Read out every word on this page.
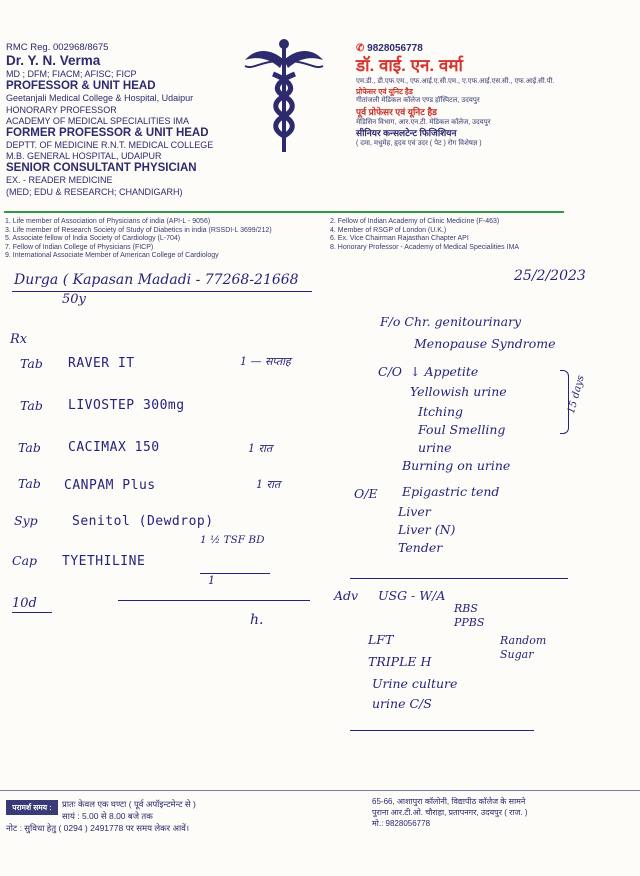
RMC Reg. 002968/8675
Dr. Y. N. Verma
MD ; DFM; FIACM; AFISC; FICP
PROFESSOR & UNIT HEAD
Geetanjali Medical College & Hospital, Udaipur
HONORARY PROFESSOR
ACADEMY OF MEDICAL SPECIALITIES IMA
FORMER PROFESSOR & UNIT HEAD
DEPTT. OF MEDICINE R.N.T. MEDICAL COLLEGE
M.B. GENERAL HOSPITAL, UDAIPUR
SENIOR CONSULTANT PHYSICIAN
EX. - READER MEDICINE
(MED; EDU & RESEARCH; CHANDIGARH)
✆ 9828056778
डॉ. वाई. एन. वर्मा
एम.डी., डी.एफ.एम., एफ.आई.ए.सी.एम., ए.एफ.आई.एस.सी., एफ.आई.सी.पी.
प्रोफेसर एवं यूनिट हैड
गीतांजली मेडिकल कॉलेज एण्ड हॉस्पिटल, उदयपुर
पूर्व प्रोफेसर एवं यूनिट हैड
मेडिसिन विभाग, आर.एन.टी. मेडिकल कॉलेज, उदयपुर
सीनियर कन्सलटेन्ट फिजिशियन
( दमा, मधुमेह, हृदय एवं उदर ( पेट ) रोग विशेषज्ञ )
1. Life member of Association of Physicians of india (API-L - 9056)
3. Life member of Research Society of Study of Diabetics in india (RSSDI-L 3699/212)
5. Associate fellow of India Society of Cardiology (L-704)
7. Fellow of Indian College of Physicians (FICP)
9. International Associate Member of American College of Cardiology
2. Fellow of Indian Academy of Clinic Medicine (F-463)
4. Member of RSGP of London (U.K.)
6. Ex. Vice Chairman Rajasthan Chapter API
8. Honorary Professor - Academy of Medical Specialities IMA
Durga ( Kapasan Madadi - 77268-21668
50y
25/2/2023
Rx
Tab RAVER IT	1 — सप्ताह
Tab LIVOSTEP 300mg
Tab CACIMAX 150	1 रात
Tab CANPAM Plus	1 रात
Syp	Senitol (Dewdrop)
1 ½ TSF BD
Cap TYETHILINE
1
10d
h.
F/o Chr. genitourinary
Menopause Syndrome
C/O ↓ Appetite
Yellowish urine
Itching
Foul Smelling
urine
Burning on urine
15 days
O/E Epigastric tend
Liver
Liver (N)
Tender
Adv USG - W/A
RBS
PPBS
LFT
TRIPLE H
Urine culture
urine C/S
Random Sugar
परामर्श समय :	प्रातः केवल एक घण्टा ( पूर्व अपॉइन्टमेन्ट से )
सायं : 5.00 से 8.00 बजे तक
नोट : सुविधा हेतु ( 0294 ) 2491778 पर समय लेकर आवें।
65-66, आशापुरा कॉलोनी, विद्यापीठ कॉलेज के सामने
पुराना आर.टी.ओ. चौराहा, प्रतापनगर, उदयपुर ( राज. )
मो.: 9828056778
